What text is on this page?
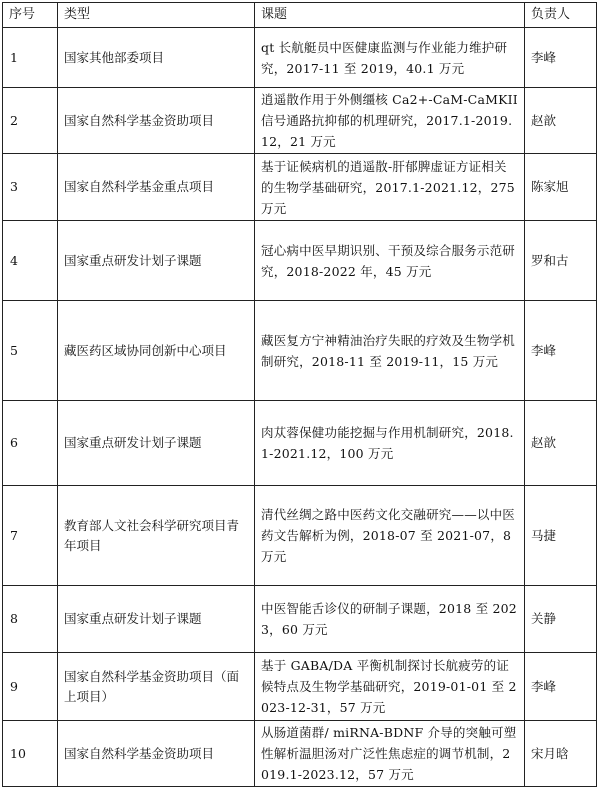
序号	类型	课题	负责人
1	国家其他部委项目	qt 长航艇员中医健康监测与作业能力维护研究，2017-11 至 2019，40.1 万元	李峰
2	国家自然科学基金资助项目	逍遥散作用于外侧缰核 Ca2+-CaM-CaMKII 信号通路抗抑郁的机理研究，2017.1-2019.12，21 万元	赵歆
3	国家自然科学基金重点项目	基于证候病机的逍遥散-肝郁脾虚证方证相关的生物学基础研究，2017.1-2021.12，275 万元	陈家旭
4	国家重点研发计划子课题	冠心病中医早期识别、干预及综合服务示范研究，2018-2022 年，45 万元	罗和古
5	藏医药区域协同创新中心项目	藏医复方宁神精油治疗失眠的疗效及生物学机制研究，2018-11 至 2019-11，15 万元	李峰
6	国家重点研发计划子课题	肉苁蓉保健功能挖掘与作用机制研究，2018.1-2021.12，100 万元	赵歆
7	教育部人文社会科学研究项目青年项目	清代丝绸之路中医药文化交融研究——以中医药文告解析为例，2018-07 至 2021-07，8 万元	马捷
8	国家重点研发计划子课题	中医智能舌诊仪的研制子课题，2018 至 2023，60 万元	关静
9	国家自然科学基金资助项目（面上项目）	基于 GABA/DA 平衡机制探讨长航疲劳的证候特点及生物学基础研究，2019-01-01 至 2023-12-31，57 万元	李峰
10	国家自然科学基金资助项目	从肠道菌群/ miRNA-BDNF 介导的突触可塑性解析温胆汤对广泛性焦虑症的调节机制，2019.1-2023.12，57 万元	宋月晗
